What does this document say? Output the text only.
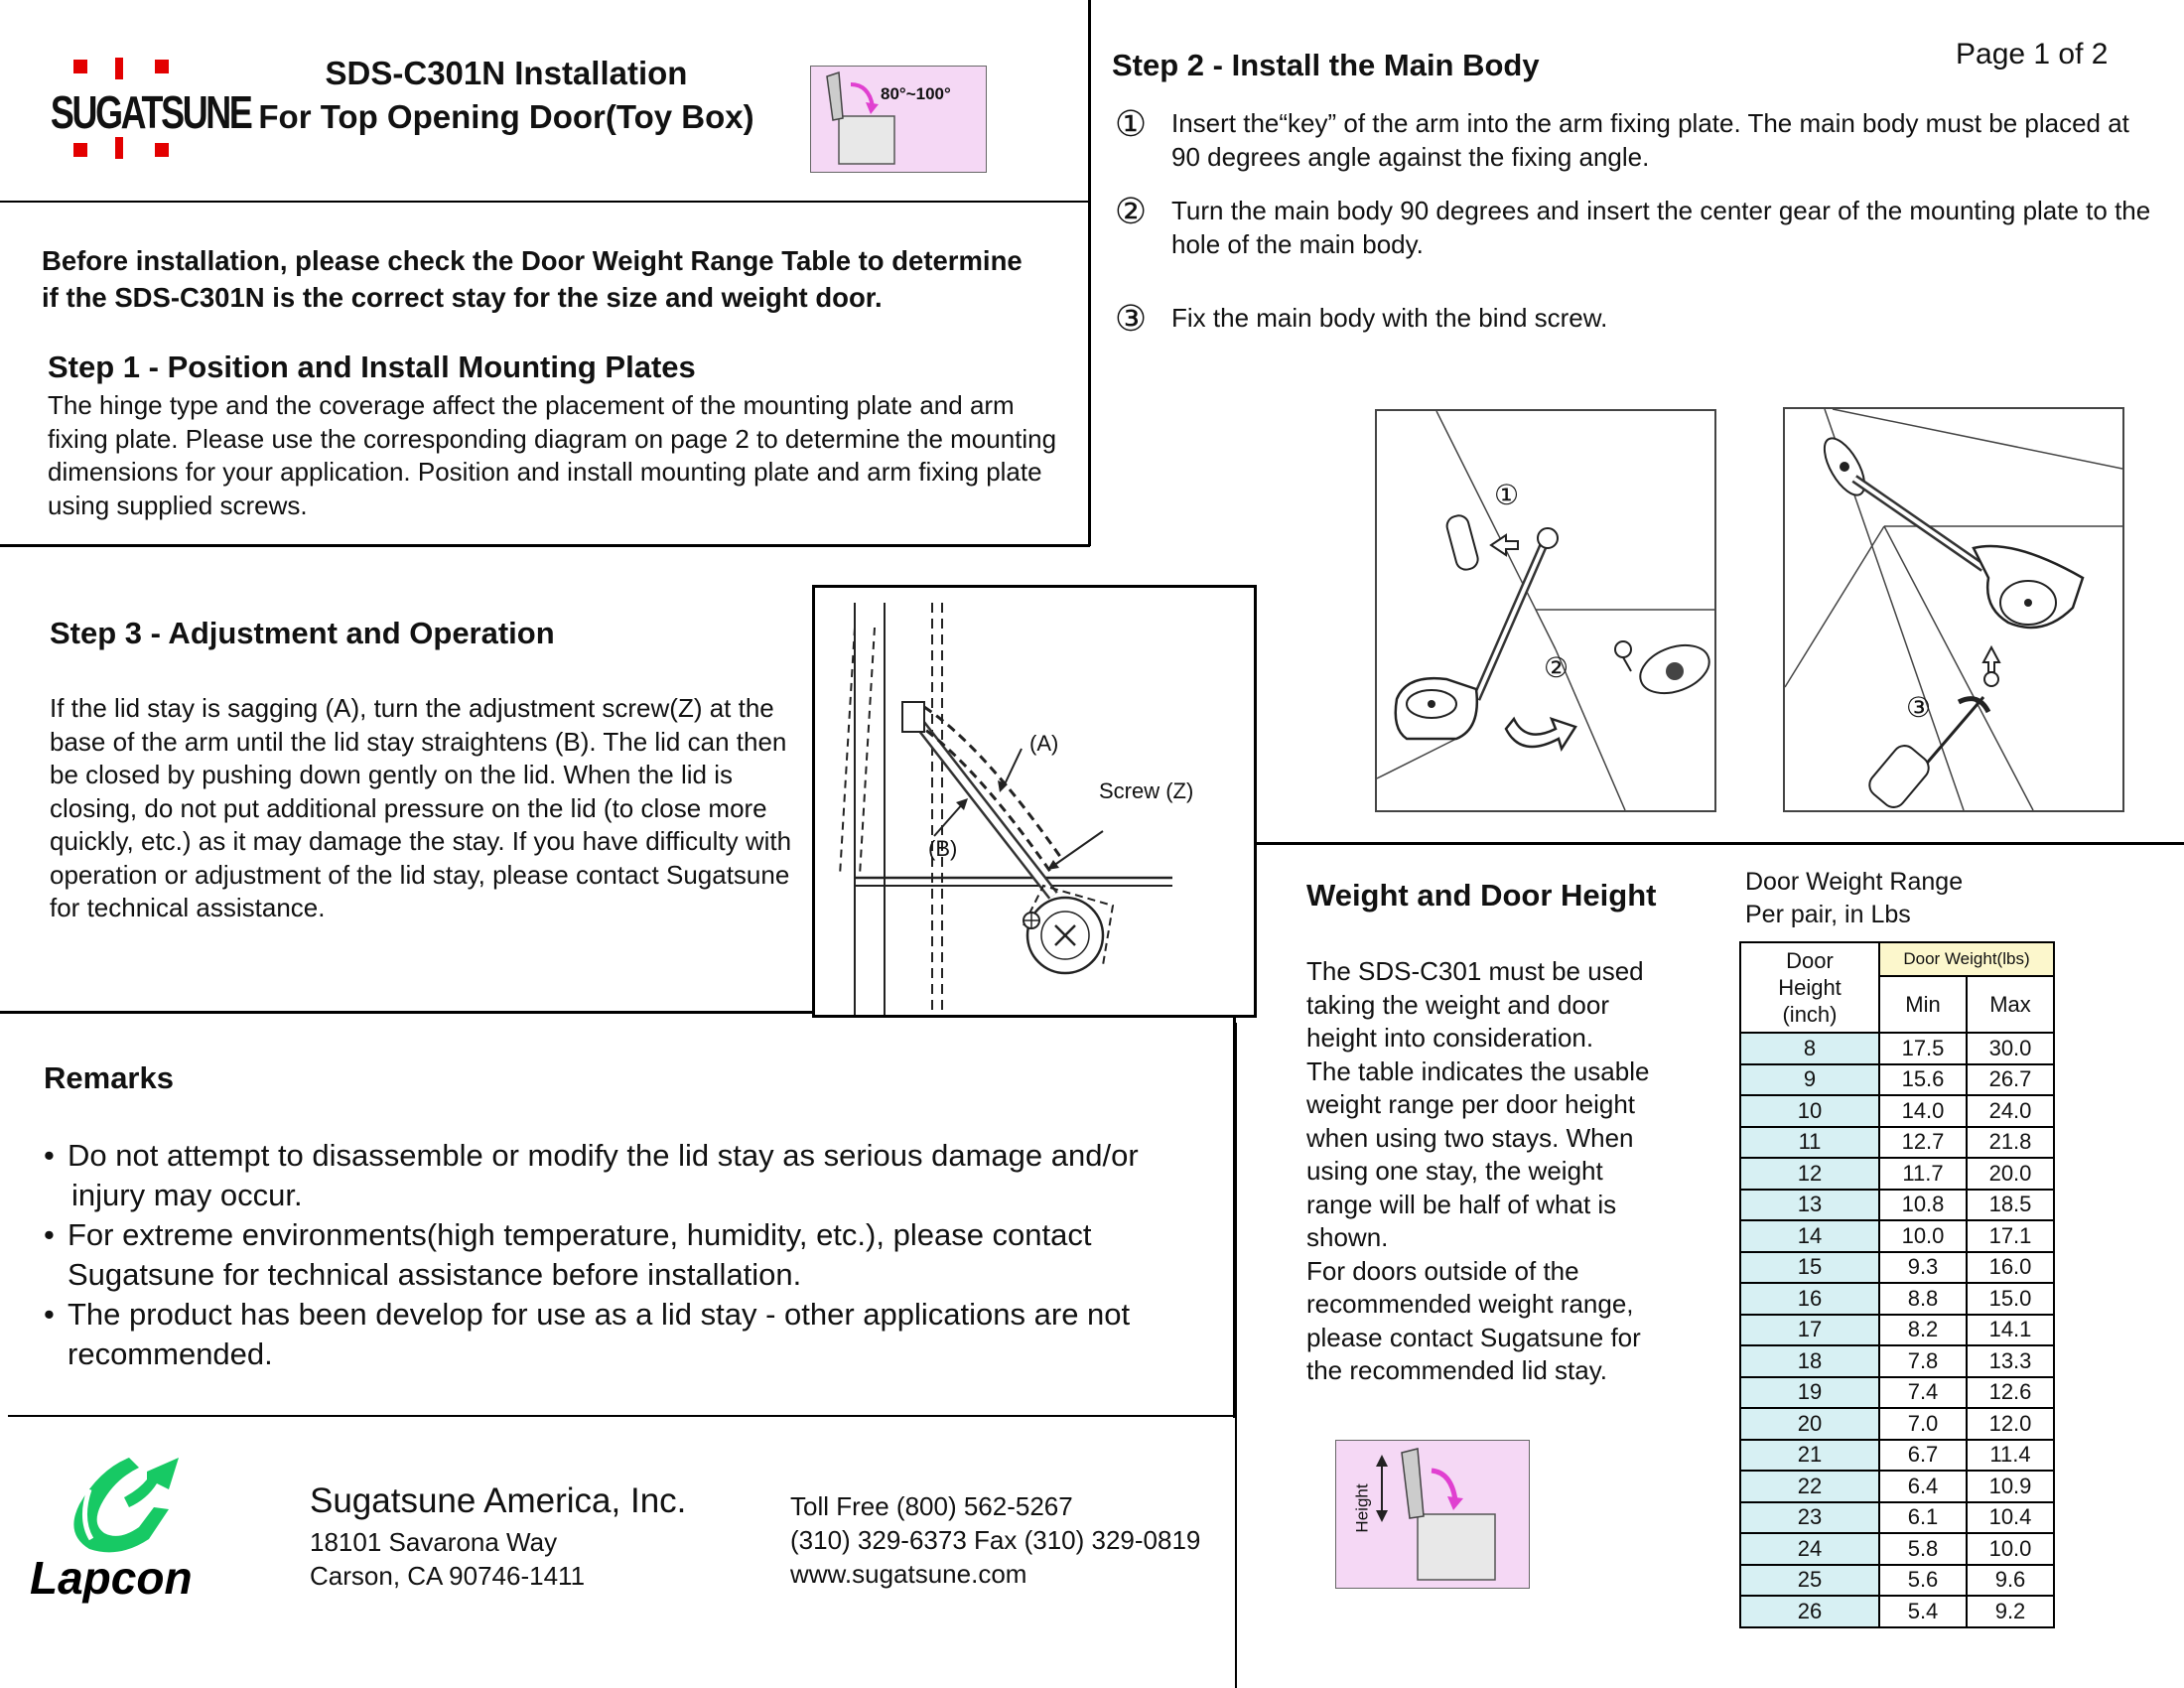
SUGATSUNE
SDS-C301N Installation
For Top Opening Door(Toy Box)
80°~100°
Page 1 of 2
Before installation, please check the Door Weight Range Table to determine
if the SDS-C301N is the correct stay for the size and weight door.
Step 1 - Position and Install Mounting Plates
The hinge type and the coverage affect the placement of the mounting plate and arm
fixing plate. Please use the corresponding diagram on page 2 to determine the mounting
dimensions for your application. Position and install mounting plate and arm fixing plate
using supplied screws.
Step 2 - Install the Main Body
① Insert the“key” of the arm into the arm fixing plate. The main body must be placed at
90 degrees angle against the fixing angle.
② Turn the main body 90 degrees and insert the center gear of the mounting plate to the
hole of the main body.
③ Fix the main body with the bind screw.
①
②
③
Step 3 - Adjustment and Operation
If the lid stay is sagging (A), turn the adjustment screw(Z) at the
base of the arm until the lid stay straightens (B). The lid can then
be closed by pushing down gently on the lid. When the lid is
closing, do not put additional pressure on the lid (to close more
quickly, etc.) as it may damage the stay. If you have difficulty with
operation or adjustment of the lid stay, please contact Sugatsune
for technical assistance.
(A)
(B)
Screw (Z)
Remarks
• Do not attempt to disassemble or modify the lid stay as serious damage and/or
injury may occur.
• For extreme environments(high temperature, humidity, etc.), please contact
Sugatsune for technical assistance before installation.
• The product has been develop for use as a lid stay - other applications are not
recommended.
Lapcon
Sugatsune America, Inc.
18101 Savarona Way
Carson, CA 90746-1411
Toll Free (800) 562-5267
(310) 329-6373 Fax (310) 329-0819
www.sugatsune.com
Weight and Door Height
The SDS-C301 must be used
taking the weight and door
height into consideration.
The table indicates the usable
weight range per door height
when using two stays. When
using one stay, the weight
range will be half of what is
shown.
For doors outside of the
recommended weight range,
please contact Sugatsune for
the recommended lid stay.
Height
Door Weight Range
Per pair, in Lbs
Door Height (inch)	Door Weight(lbs)	
	Min	Max
8	17.5	30.0
9	15.6	26.7
10	14.0	24.0
11	12.7	21.8
12	11.7	20.0
13	10.8	18.5
14	10.0	17.1
15	9.3	16.0
16	8.8	15.0
17	8.2	14.1
18	7.8	13.3
19	7.4	12.6
20	7.0	12.0
21	6.7	11.4
22	6.4	10.9
23	6.1	10.4
24	5.8	10.0
25	5.6	9.6
26	5.4	9.2
